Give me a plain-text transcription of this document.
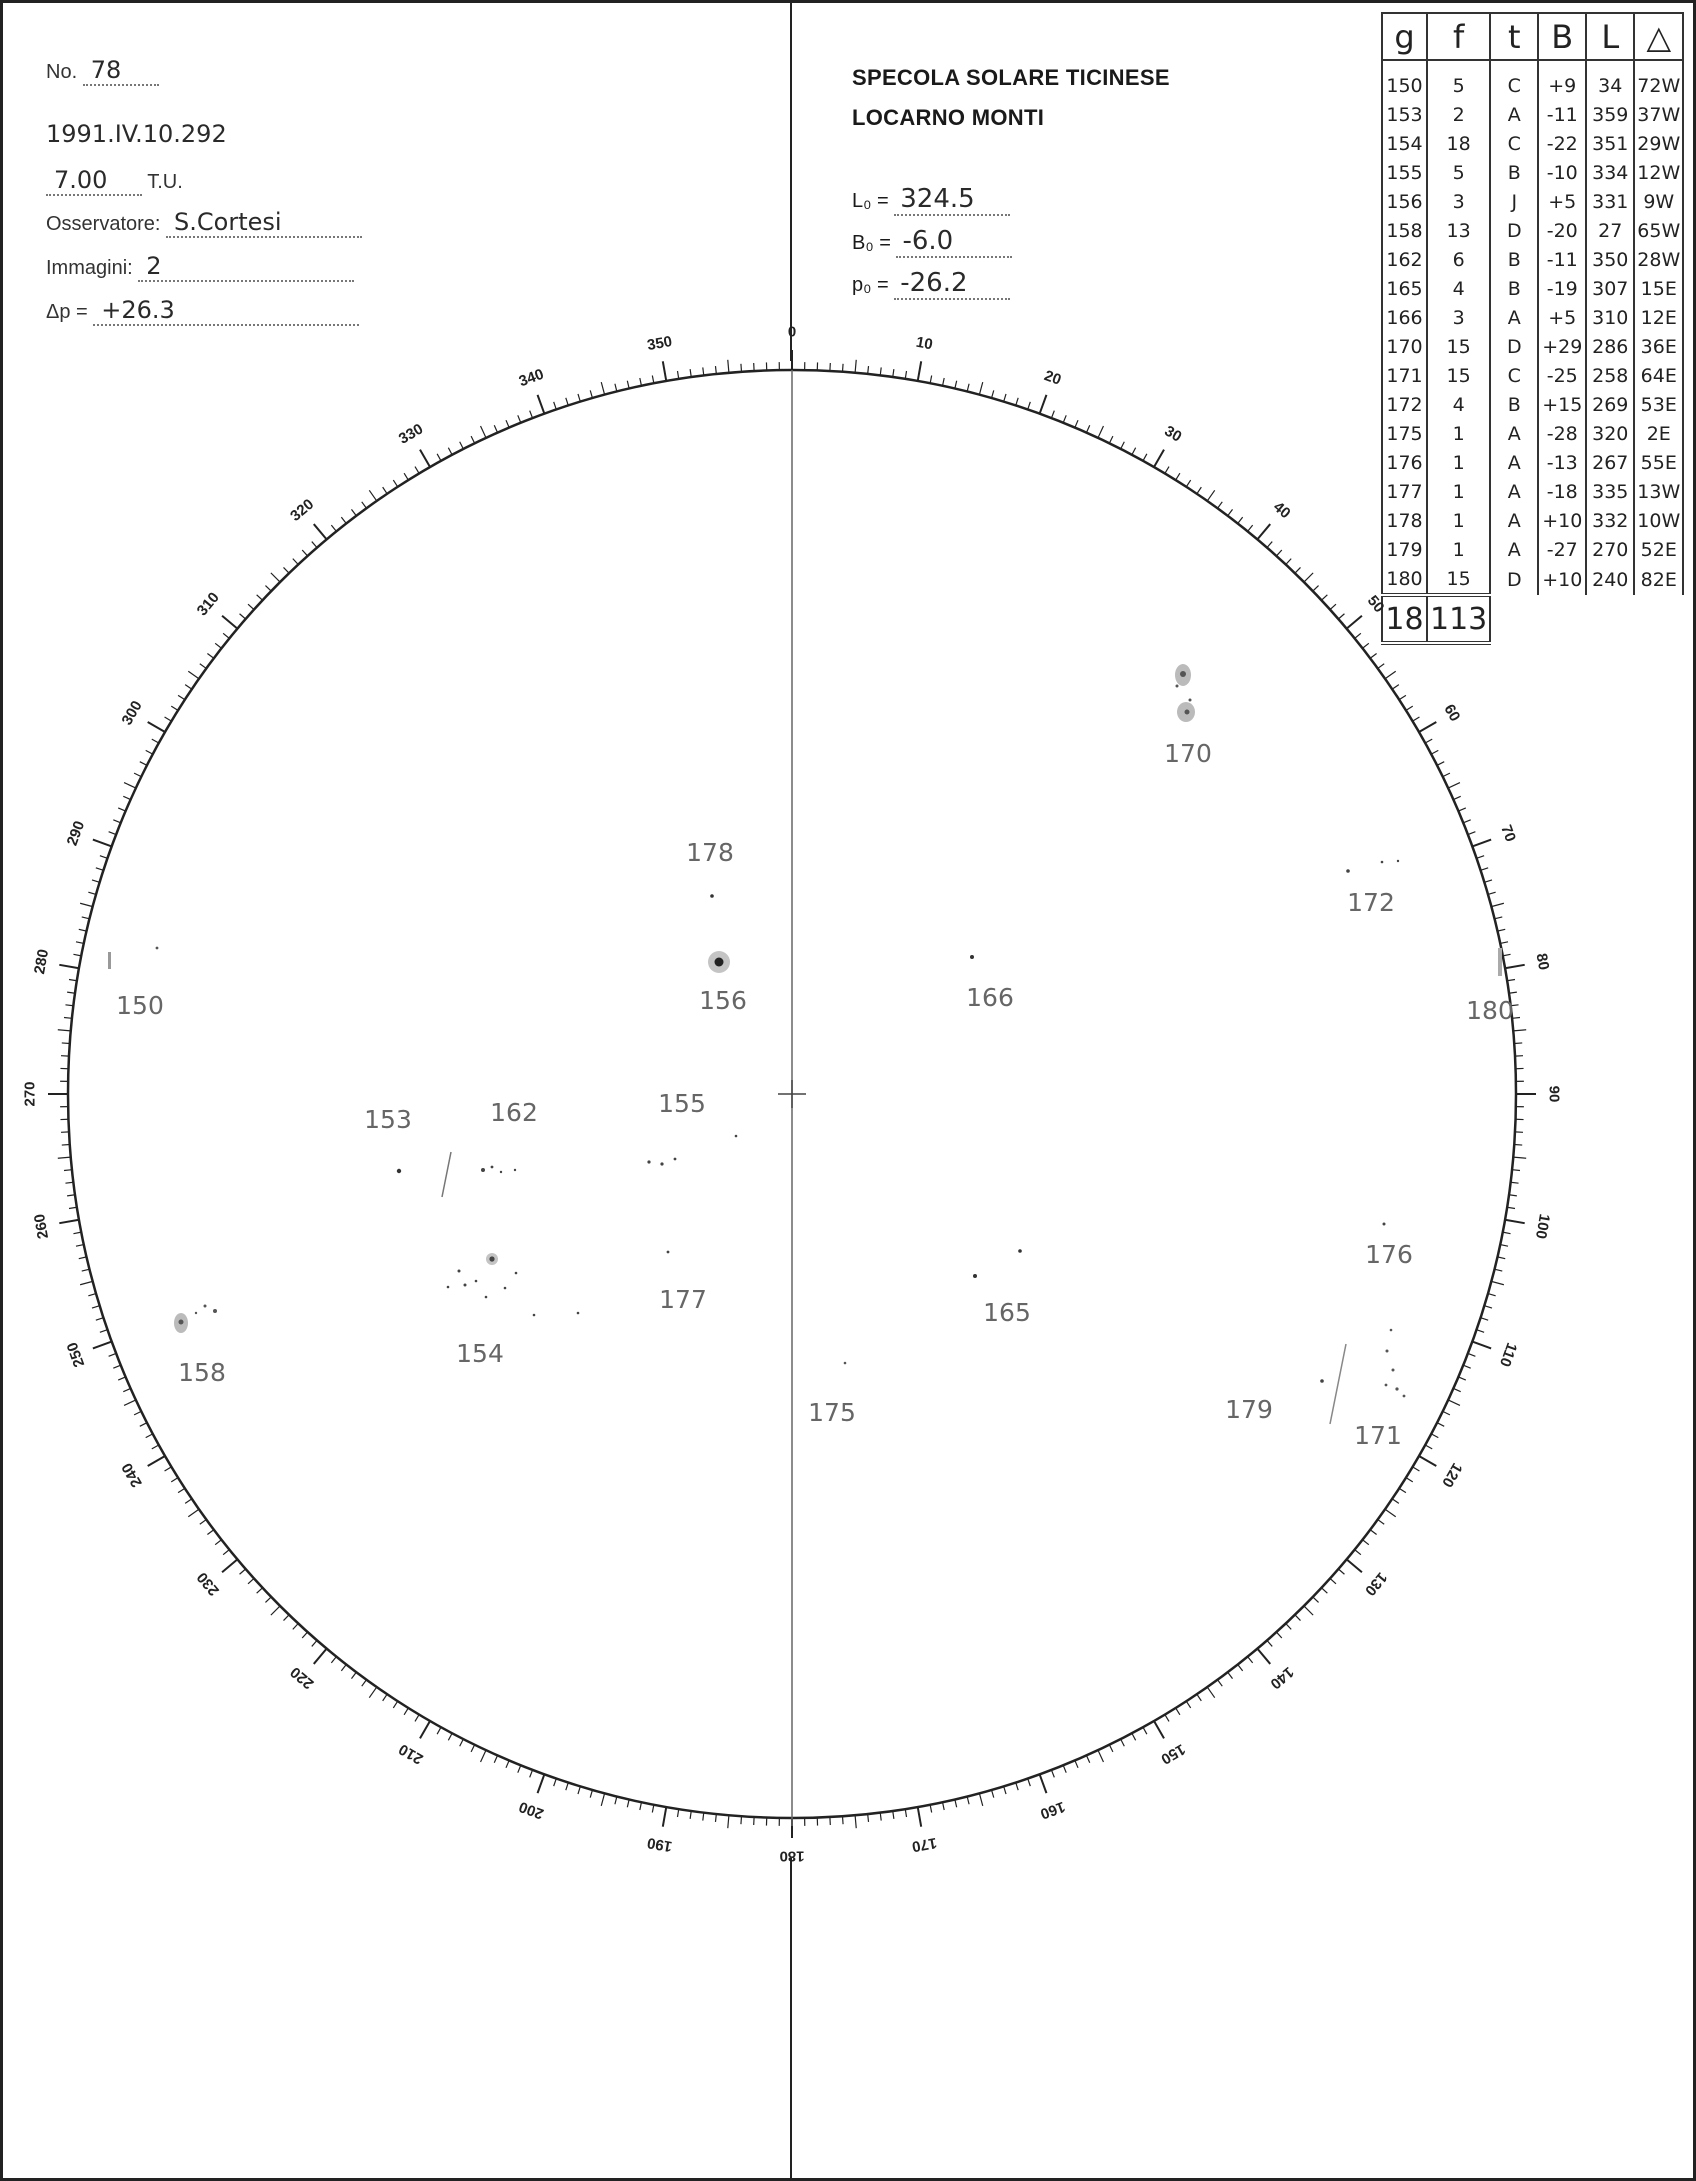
No. 78
1991.IV.10.292
7.00 T.U.
Osservatore: S.Cortesi
Immagini: 2
Δp = +26.3
SPECOLA SOLARE TICINESE
LOCARNO MONTI
L₀ = 324.5
B₀ = -6.0
p₀ = -26.2
g	f	t	B	L	△
150	5	C	+9	34	72W
153	2	A	-11	359	37W
154	18	C	-22	351	29W
155	5	B	-10	334	12W
156	3	J	+5	331	9W
158	13	D	-20	27	65W
162	6	B	-11	350	28W
165	4	B	-19	307	15E
166	3	A	+5	310	12E
170	15	D	+29	286	36E
171	15	C	-25	258	64E
172	4	B	+15	269	53E
175	1	A	-28	320	2E
176	1	A	-13	267	55E
177	1	A	-18	335	13W
178	1	A	+10	332	10W
179	1	A	-27	270	52E
180	15	D	+10	240	82E
18	113				
0
10
20
30
40
50
60
70
80
90
100
110
120
130
140
150
160
170
180
190
200
210
220
230
240
250
260
270
280
290
300
310
320
330
340
350
170
178
172
150	156	166	180
153	162	155
176
177	165
158
154
175	179
171
